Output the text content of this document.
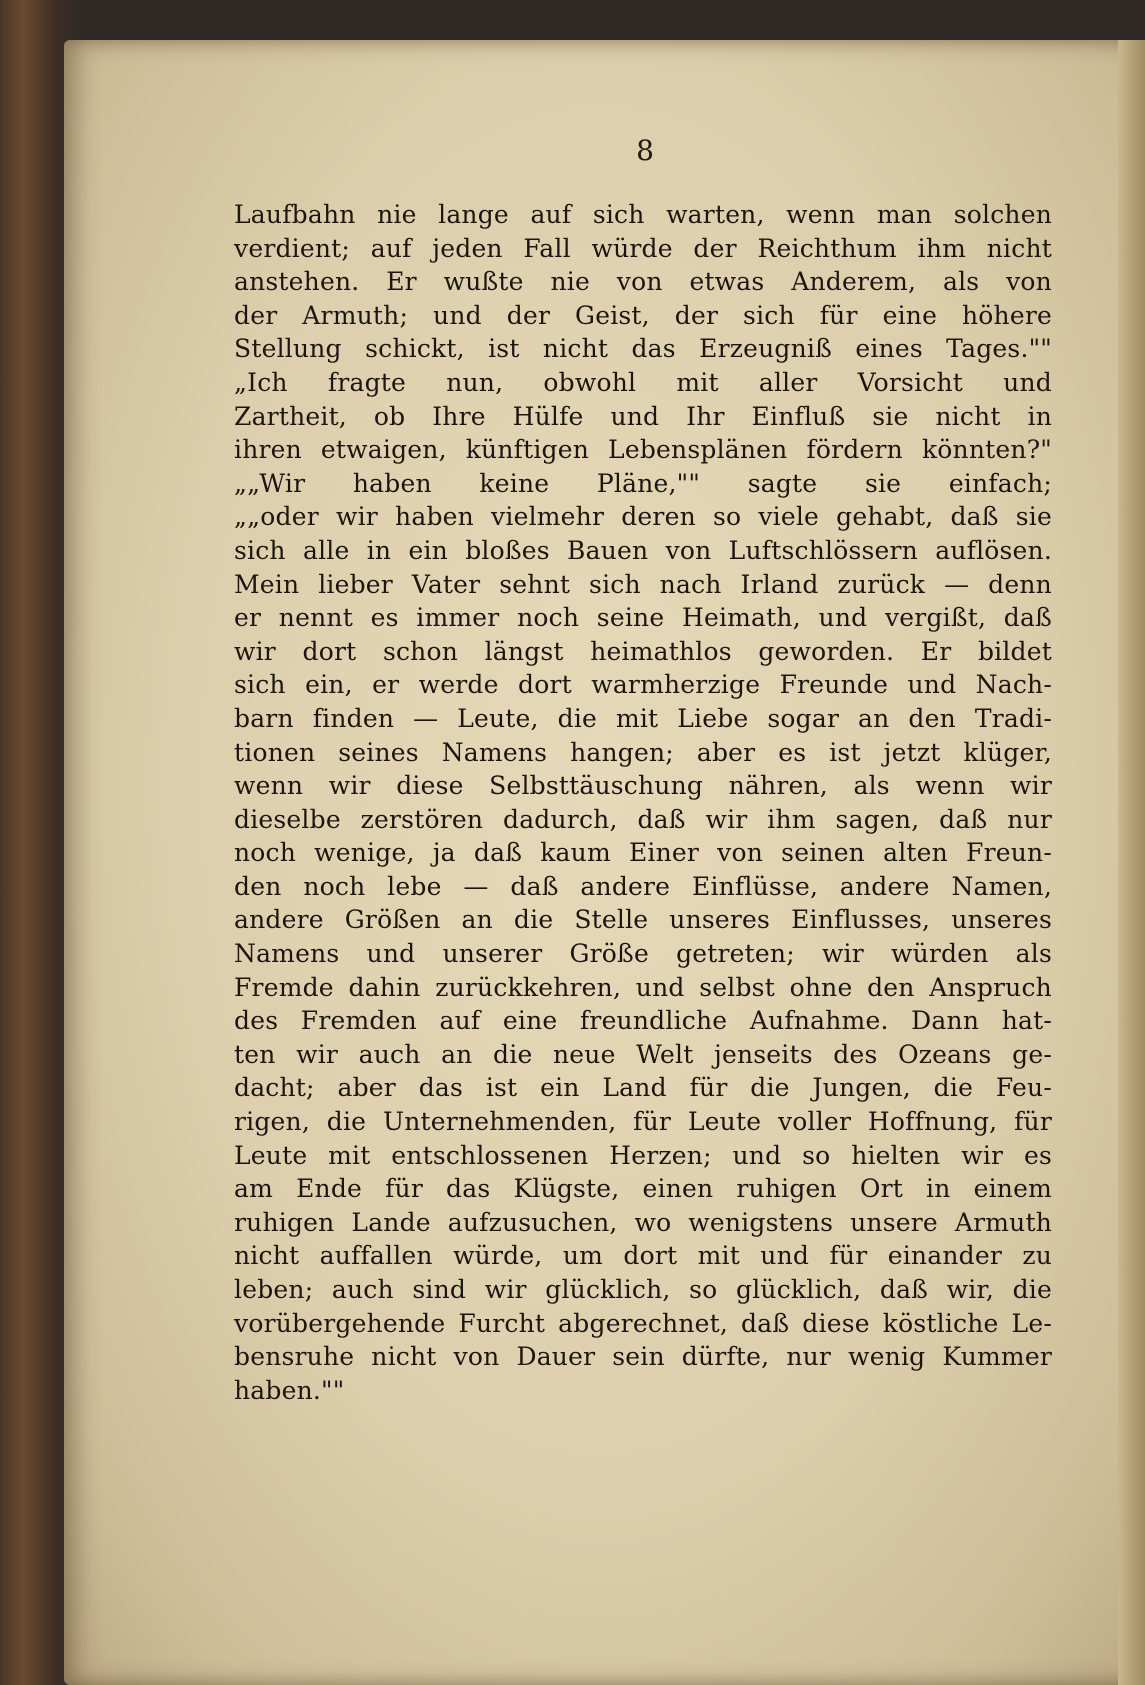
8
Laufbahn nie lange auf sich warten, wenn man solchen
verdient; auf jeden Fall würde der Reichthum ihm nicht
anstehen. Er wußte nie von etwas Anderem, als von
der Armuth; und der Geist, der sich für eine höhere
Stellung schickt, ist nicht das Erzeugniß eines Tages.""
„Ich fragte nun, obwohl mit aller Vorsicht und
Zartheit, ob Ihre Hülfe und Ihr Einfluß sie nicht in
ihren etwaigen, künftigen Lebensplänen fördern könnten?"
„„Wir haben keine Pläne,"" sagte sie einfach;
„„oder wir haben vielmehr deren so viele gehabt, daß sie
sich alle in ein bloßes Bauen von Luftschlössern auflösen.
Mein lieber Vater sehnt sich nach Irland zurück — denn
er nennt es immer noch seine Heimath, und vergißt, daß
wir dort schon längst heimathlos geworden. Er bildet
sich ein, er werde dort warmherzige Freunde und Nach-
barn finden — Leute, die mit Liebe sogar an den Tradi-
tionen seines Namens hangen; aber es ist jetzt klüger,
wenn wir diese Selbsttäuschung nähren, als wenn wir
dieselbe zerstören dadurch, daß wir ihm sagen, daß nur
noch wenige, ja daß kaum Einer von seinen alten Freun-
den noch lebe — daß andere Einflüsse, andere Namen,
andere Größen an die Stelle unseres Einflusses, unseres
Namens und unserer Größe getreten; wir würden als
Fremde dahin zurückkehren, und selbst ohne den Anspruch
des Fremden auf eine freundliche Aufnahme. Dann hat-
ten wir auch an die neue Welt jenseits des Ozeans ge-
dacht; aber das ist ein Land für die Jungen, die Feu-
rigen, die Unternehmenden, für Leute voller Hoffnung, für
Leute mit entschlossenen Herzen; und so hielten wir es
am Ende für das Klügste, einen ruhigen Ort in einem
ruhigen Lande aufzusuchen, wo wenigstens unsere Armuth
nicht auffallen würde, um dort mit und für einander zu
leben; auch sind wir glücklich, so glücklich, daß wir, die
vorübergehende Furcht abgerechnet, daß diese köstliche Le-
bensruhe nicht von Dauer sein dürfte, nur wenig Kummer
haben.""
